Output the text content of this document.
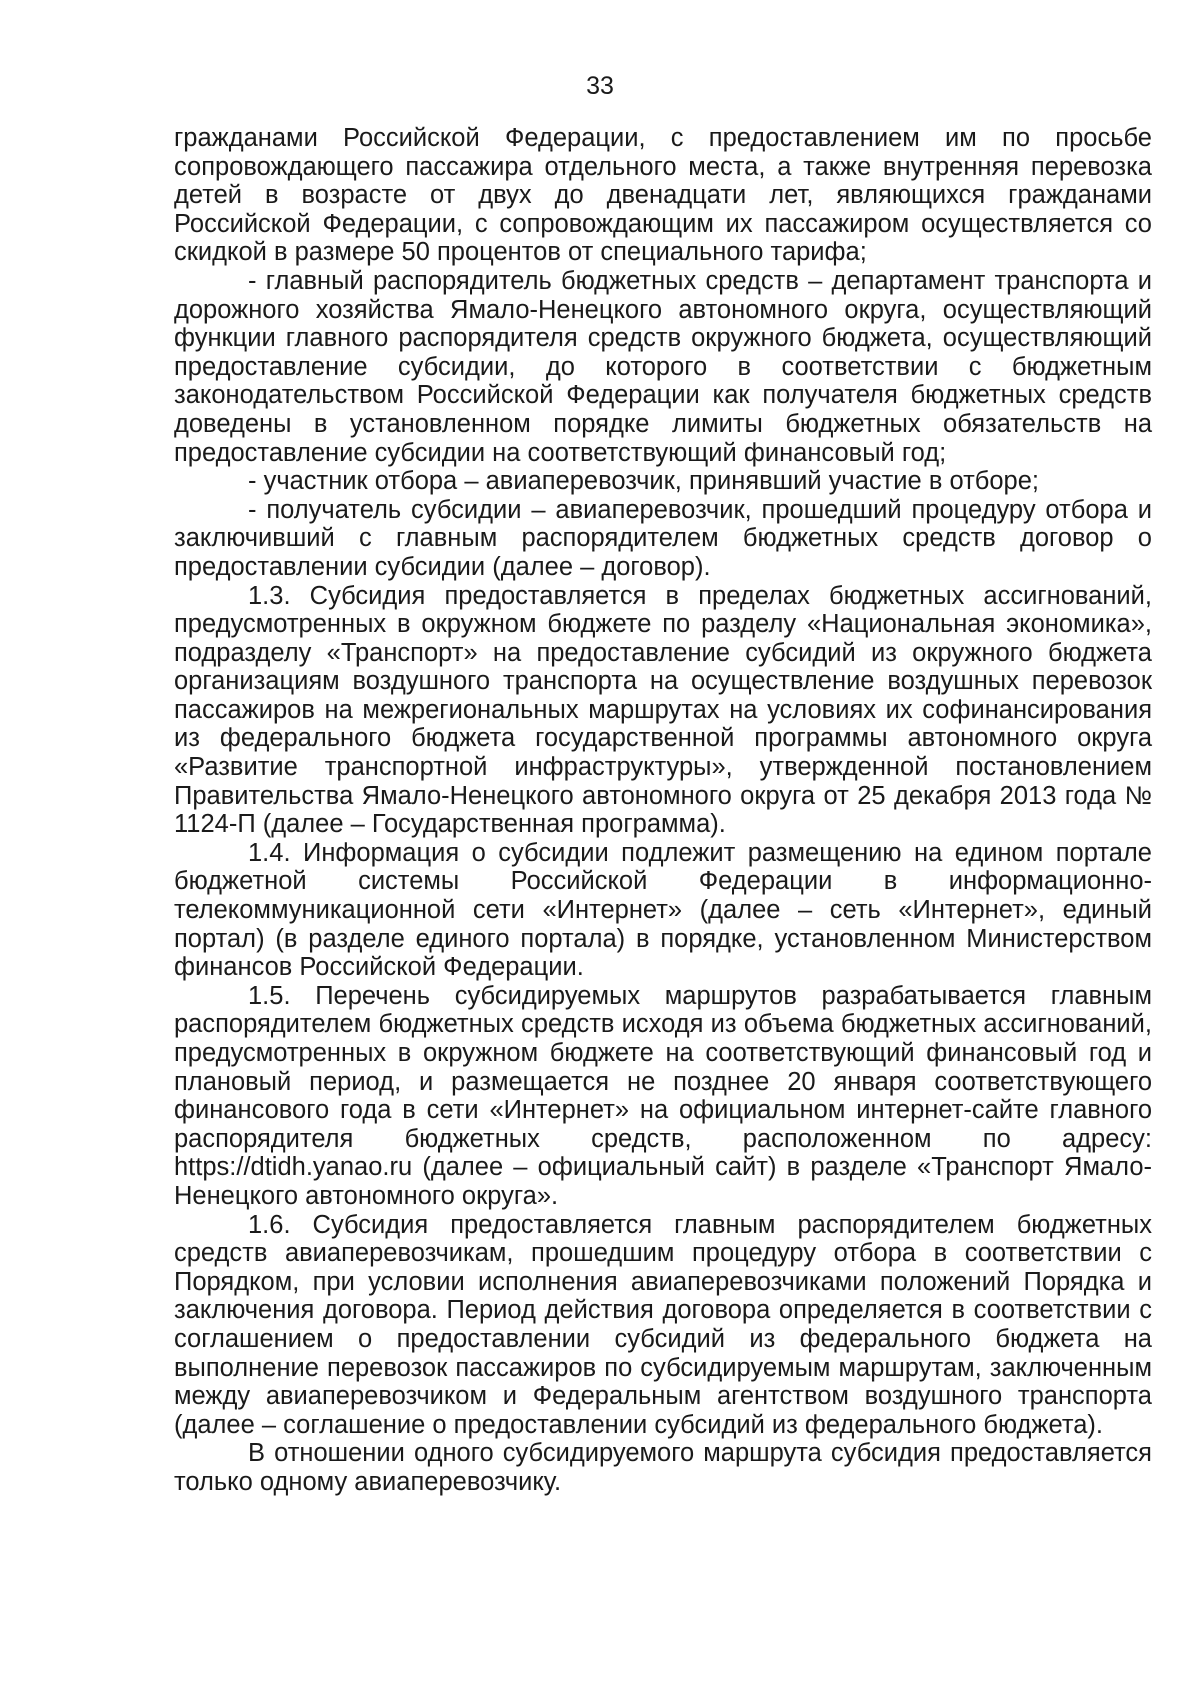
33

гражданами Российской Федерации, с предоставлением им по просьбе сопровождающего пассажира отдельного места, а также внутренняя перевозка детей в возрасте от двух до двенадцати лет, являющихся гражданами Российской Федерации, с сопровождающим их пассажиром осуществляется со скидкой в размере 50 процентов от специального тарифа;

- главный распорядитель бюджетных средств – департамент транспорта и дорожного хозяйства Ямало-Ненецкого автономного округа, осуществляющий функции главного распорядителя средств окружного бюджета, осуществляющий предоставление субсидии, до которого в соответствии с бюджетным законодательством Российской Федерации как получателя бюджетных средств доведены в установленном порядке лимиты бюджетных обязательств на предоставление субсидии на соответствующий финансовый год;

- участник отбора – авиаперевозчик, принявший участие в отборе;

- получатель субсидии – авиаперевозчик, прошедший процедуру отбора и заключивший с главным распорядителем бюджетных средств договор о предоставлении субсидии (далее – договор).

1.3. Субсидия предоставляется в пределах бюджетных ассигнований, предусмотренных в окружном бюджете по разделу «Национальная экономика», подразделу «Транспорт» на предоставление субсидий из окружного бюджета организациям воздушного транспорта на осуществление воздушных перевозок пассажиров на межрегиональных маршрутах на условиях их софинансирования из федерального бюджета государственной программы автономного округа «Развитие транспортной инфраструктуры», утвержденной постановлением Правительства Ямало-Ненецкого автономного округа от 25 декабря 2013 года № 1124-П (далее – Государственная программа).

1.4. Информация о субсидии подлежит размещению на едином портале бюджетной системы Российской Федерации в информационно-телекоммуникационной сети «Интернет» (далее – сеть «Интернет», единый портал) (в разделе единого портала) в порядке, установленном Министерством финансов Российской Федерации.

1.5. Перечень субсидируемых маршрутов разрабатывается главным распорядителем бюджетных средств исходя из объема бюджетных ассигнований, предусмотренных в окружном бюджете на соответствующий финансовый год и плановый период, и размещается не позднее 20 января соответствующего финансового года в сети «Интернет» на официальном интернет-сайте главного распорядителя бюджетных средств, расположенном по адресу: https://dtidh.yanao.ru (далее – официальный сайт) в разделе «Транспорт Ямало-Ненецкого автономного округа».

1.6. Субсидия предоставляется главным распорядителем бюджетных средств авиаперевозчикам, прошедшим процедуру отбора в соответствии с Порядком, при условии исполнения авиаперевозчиками положений Порядка и заключения договора. Период действия договора определяется в соответствии с соглашением о предоставлении субсидий из федерального бюджета на выполнение перевозок пассажиров по субсидируемым маршрутам, заключенным между авиаперевозчиком и Федеральным агентством воздушного транспорта (далее – соглашение о предоставлении субсидий из федерального бюджета).

В отношении одного субсидируемого маршрута субсидия предоставляется только одному авиаперевозчику.
